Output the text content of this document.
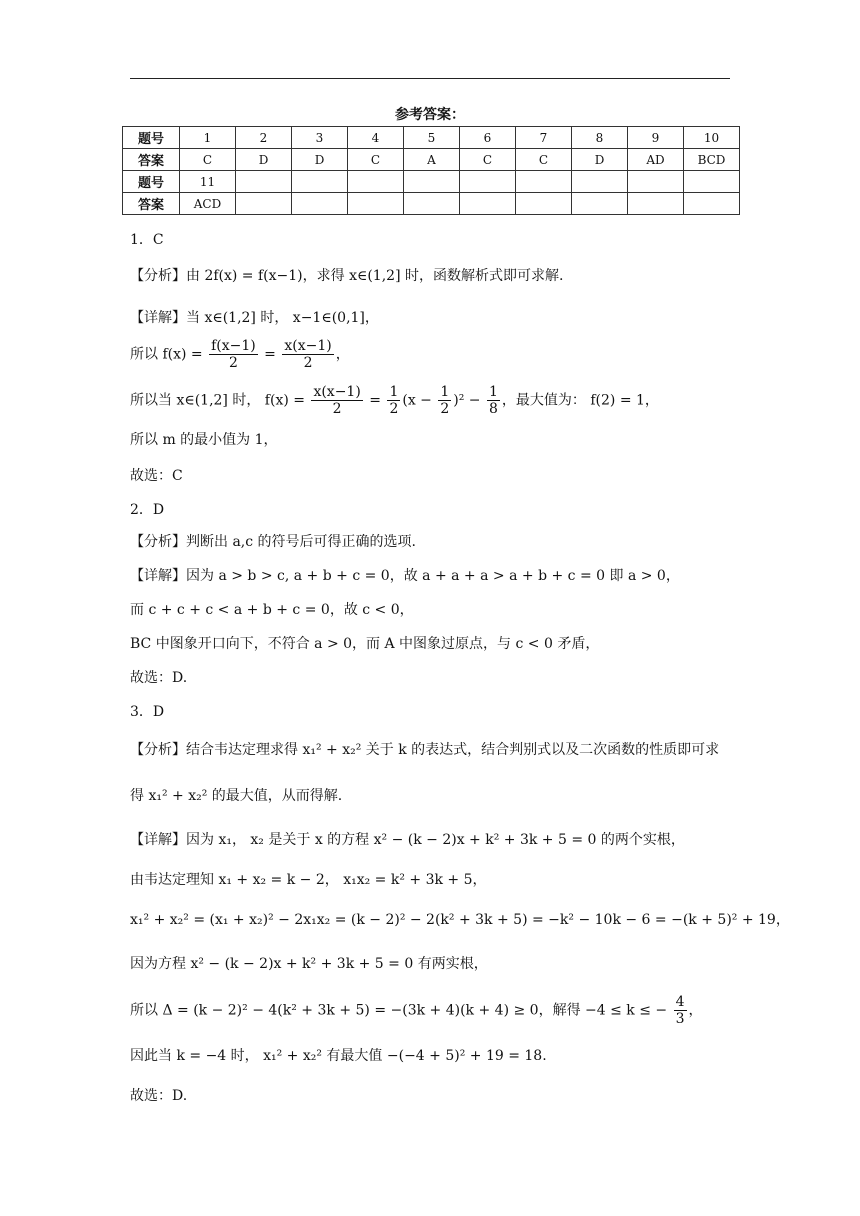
参考答案：
题号	1	2	3	4	5	6	7	8	9	10
答案	C	D	D	C	A	C	C	D	AD	BCD
题号	11									
答案	ACD									
1．C
【分析】由 2f(x) = f(x−1)，求得 x∈(1,2] 时，函数解析式即可求解.
【详解】当 x∈(1,2] 时， x−1∈(0,1]，
所以 $f(x) = \frac{f(x-1)}{2} = \frac{x(x-1)}{2}$ ，
所以当 x∈(1,2] 时， $f(x) = \frac{x(x-1)}{2} = \frac{1}{2} (x - \frac{1}{2} )^2 - \frac{1}{8}$ ，最大值为： f(2) = 1，
所以 m 的最小值为 1，
故选：C
2．D
【分析】判断出 a,c 的符号后可得正确的选项.
【详解】因为 a > b > c, a + b + c = 0，故 a + a + a > a + b + c = 0 即 a > 0，
而 c + c + c < a + b + c = 0，故 c < 0，
BC 中图象开口向下，不符合 a > 0，而 A 中图象过原点，与 c < 0 矛盾，
故选：D.
3．D
【分析】结合韦达定理求得 x₁² + x₂² 关于 k 的表达式，结合判别式以及二次函数的性质即可求
得 x₁² + x₂² 的最大值，从而得解.
【详解】因为 x₁， x₂ 是关于 x 的方程 x² − (k − 2)x + k² + 3k + 5 = 0 的两个实根，
由韦达定理知 x₁ + x₂ = k − 2， x₁x₂ = k² + 3k + 5，
x₁² + x₂² = (x₁ + x₂)² − 2x₁x₂ = (k − 2)² − 2(k² + 3k + 5) = −k² − 10k − 6 = −(k + 5)² + 19，
因为方程 x² − (k − 2)x + k² + 3k + 5 = 0 有两实根，
所以 Δ = (k − 2)² − 4(k² + 3k + 5) = −(3k + 4)(k + 4) ≥ 0，解得 −4 ≤ k ≤ − $\frac{4}{3}$ ，
因此当 k = −4 时， x₁² + x₂² 有最大值 −(−4 + 5)² + 19 = 18.
故选：D.
